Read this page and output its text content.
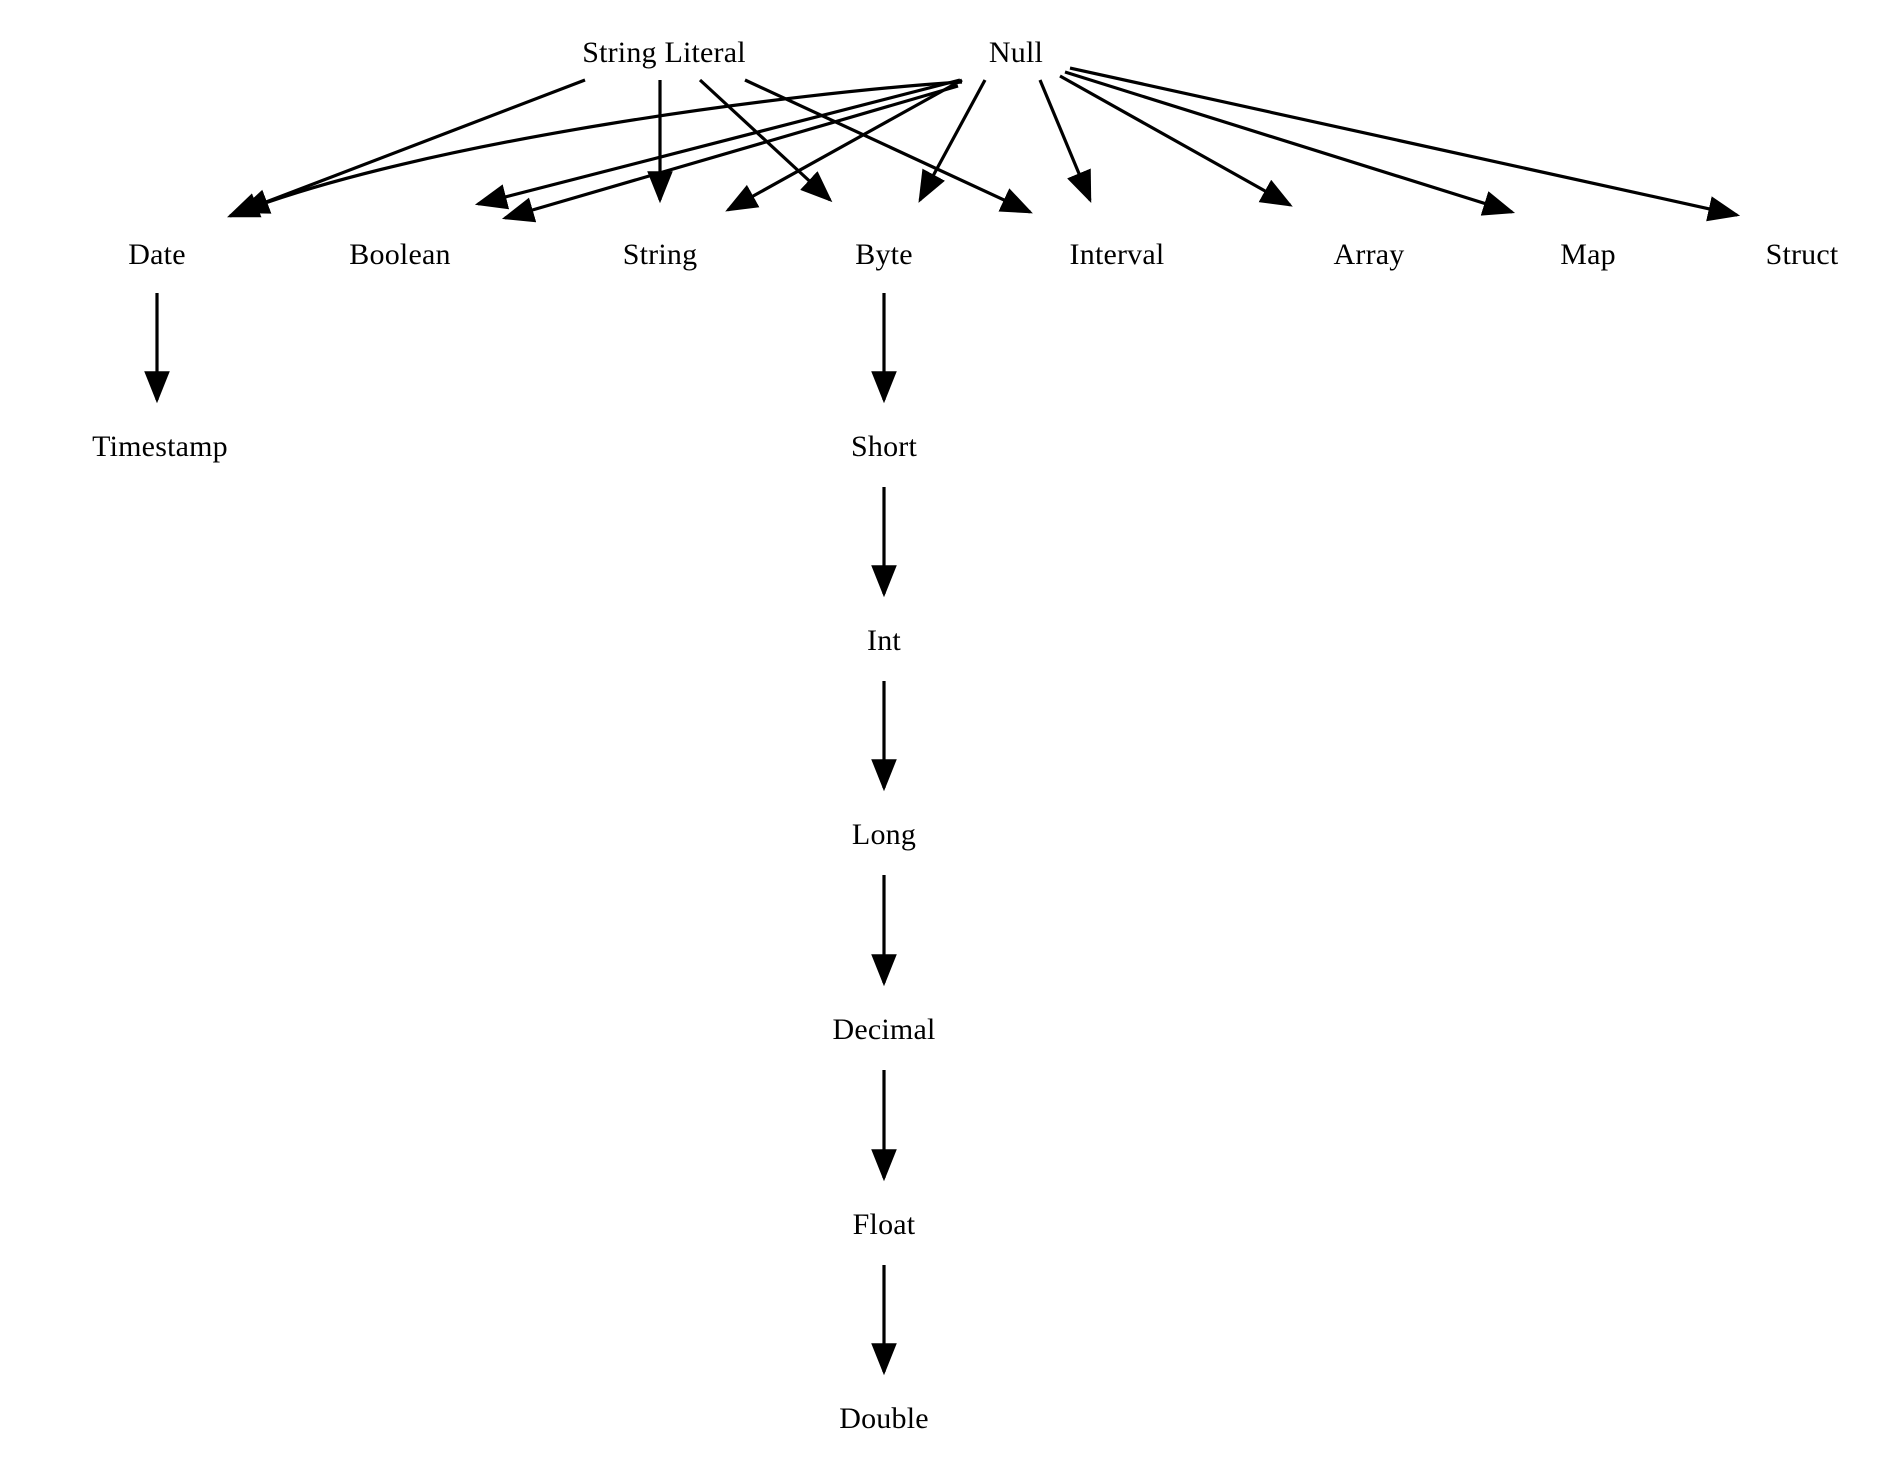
String Literal	Null
Date	Boolean	String	Byte	Interval	Array	Map	Struct
Timestamp	Short
Int
Long
Decimal
Float
Double
